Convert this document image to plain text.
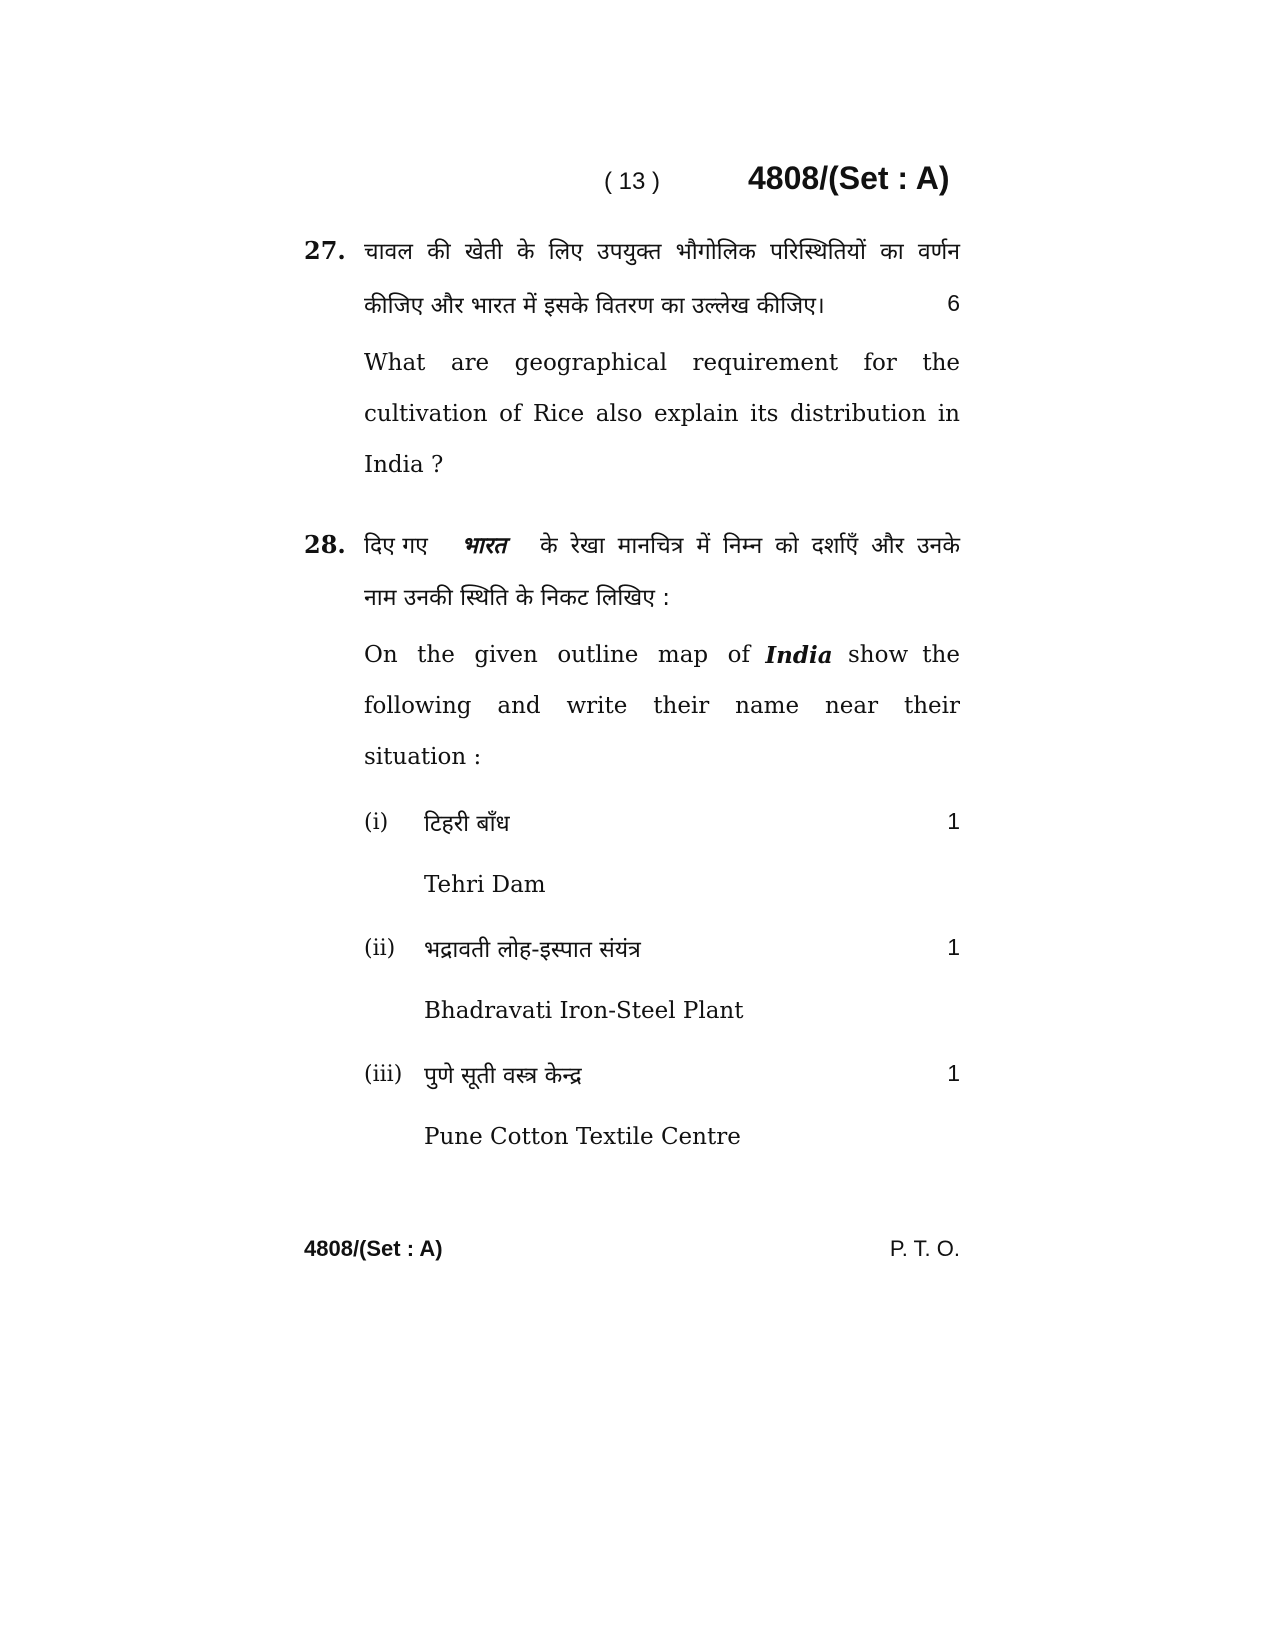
( 13 )	4808/(Set : A)
27. चावल की खेती के लिए उपयुक्त भौगोलिक परिस्थितियों का वर्णन
कीजिए और भारत में इसके वितरण का उल्लेख कीजिए।	6
What are geographical requirement for the
cultivation of Rice also explain its distribution in
India ?
28. दिए गए भारत के रेखा मानचित्र में निम्न को दर्शाएँ और उनके
नाम उनकी स्थिति के निकट लिखिए :
On the given outline map of India show the
following and write their name near their
situation :
(i) टिहरी बाँध	1
Tehri Dam
(ii) भद्रावती लोह-इस्पात संयंत्र	1
Bhadravati Iron-Steel Plant
(iii) पुणे सूती वस्त्र केन्द्र	1
Pune Cotton Textile Centre
4808/(Set : A)	P. T. O.
